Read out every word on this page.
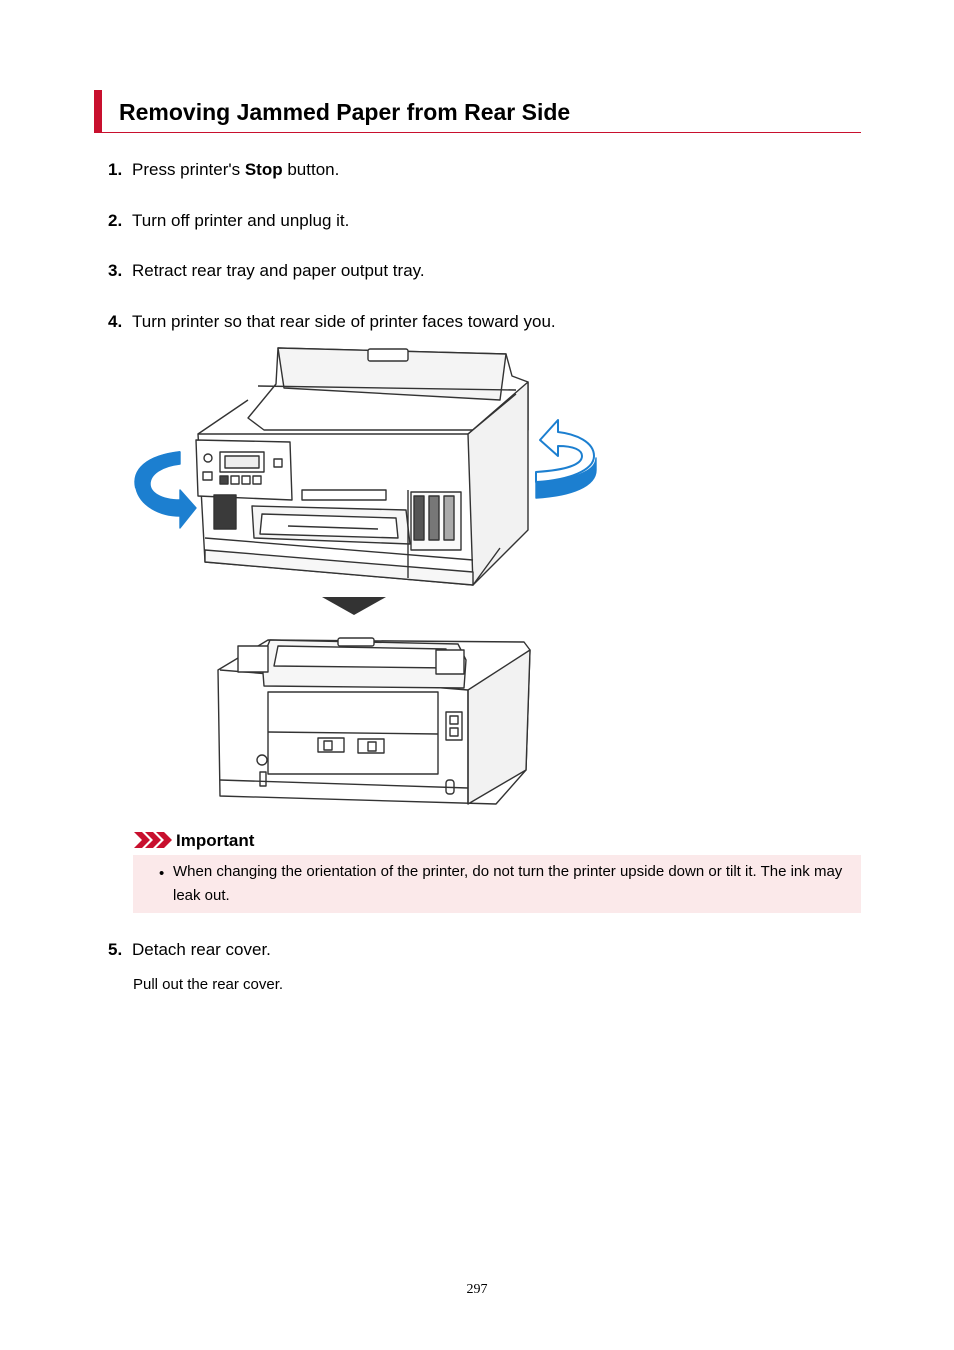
Removing Jammed Paper from Rear Side
1. Press printer's Stop button.
2. Turn off printer and unplug it.
3. Retract rear tray and paper output tray.
4. Turn printer so that rear side of printer faces toward you.
Important
• When changing the orientation of the printer, do not turn the printer upside down or tilt it. The ink may leak out.
5. Detach rear cover.
Pull out the rear cover.
297
